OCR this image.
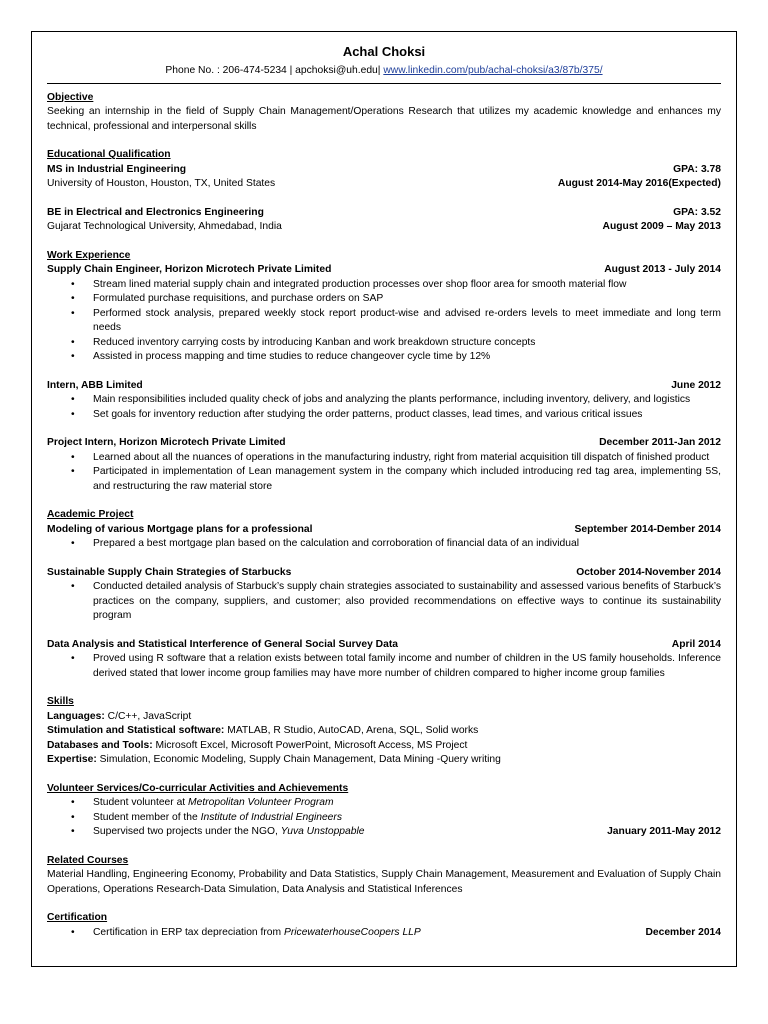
Achal Choksi
Phone No. : 206-474-5234 | apchoksi@uh.edu| www.linkedin.com/pub/achal-choksi/a3/87b/375/
Objective
Seeking an internship in the field of Supply Chain Management/Operations Research that utilizes my academic knowledge and enhances my technical, professional and interpersonal skills
Educational Qualification
MS in Industrial Engineering	GPA: 3.78
University of Houston, Houston, TX, United States	August 2014-May 2016(Expected)
BE in Electrical and Electronics Engineering	GPA: 3.52
Gujarat Technological University, Ahmedabad, India	August 2009 – May 2013
Work Experience
Supply Chain Engineer, Horizon Microtech Private Limited	August 2013 - July 2014
• Stream lined material supply chain and integrated production processes over shop floor area for smooth material flow
• Formulated purchase requisitions, and purchase orders on SAP
• Performed stock analysis, prepared weekly stock report product-wise and advised re-orders levels to meet immediate and long term needs
• Reduced inventory carrying costs by introducing Kanban and work breakdown structure concepts
• Assisted in process mapping and time studies to reduce changeover cycle time by 12%
Intern, ABB Limited	June 2012
• Main responsibilities included quality check of jobs and analyzing the plants performance, including inventory, delivery, and logistics
• Set goals for inventory reduction after studying the order patterns, product classes, lead times, and various critical issues
Project Intern, Horizon Microtech Private Limited	December 2011-Jan 2012
• Learned about all the nuances of operations in the manufacturing industry, right from material acquisition till dispatch of finished product
• Participated in implementation of Lean management system in the company which included introducing red tag area, implementing 5S, and restructuring the raw material store
Academic Project
Modeling of various Mortgage plans for a professional	September 2014-Dember 2014
• Prepared a best mortgage plan based on the calculation and corroboration of financial data of an individual
Sustainable Supply Chain Strategies of Starbucks	October 2014-November 2014
• Conducted detailed analysis of Starbuck’s supply chain strategies associated to sustainability and assessed various benefits of Starbuck’s practices on the company, suppliers, and customer; also provided recommendations on effective ways to continue its sustainability program
Data Analysis and Statistical Interference of General Social Survey Data	April 2014
• Proved using R software that a relation exists between total family income and number of children in the US family households. Inference derived stated that lower income group families may have more number of children compared to higher income group families
Skills
Languages: C/C++, JavaScript
Stimulation and Statistical software: MATLAB, R Studio, AutoCAD, Arena, SQL, Solid works
Databases and Tools: Microsoft Excel, Microsoft PowerPoint, Microsoft Access, MS Project
Expertise: Simulation, Economic Modeling, Supply Chain Management, Data Mining -Query writing
Volunteer Services/Co-curricular Activities and Achievements
• Student volunteer at Metropolitan Volunteer Program
• Student member of the Institute of Industrial Engineers
• Supervised two projects under the NGO, Yuva Unstoppable	January 2011-May 2012
Related Courses
Material Handling, Engineering Economy, Probability and Data Statistics, Supply Chain Management, Measurement and Evaluation of Supply Chain Operations, Operations Research-Data Simulation, Data Analysis and Statistical Inferences
Certification
• Certification in ERP tax depreciation from PricewaterhouseCoopers LLP	December 2014
